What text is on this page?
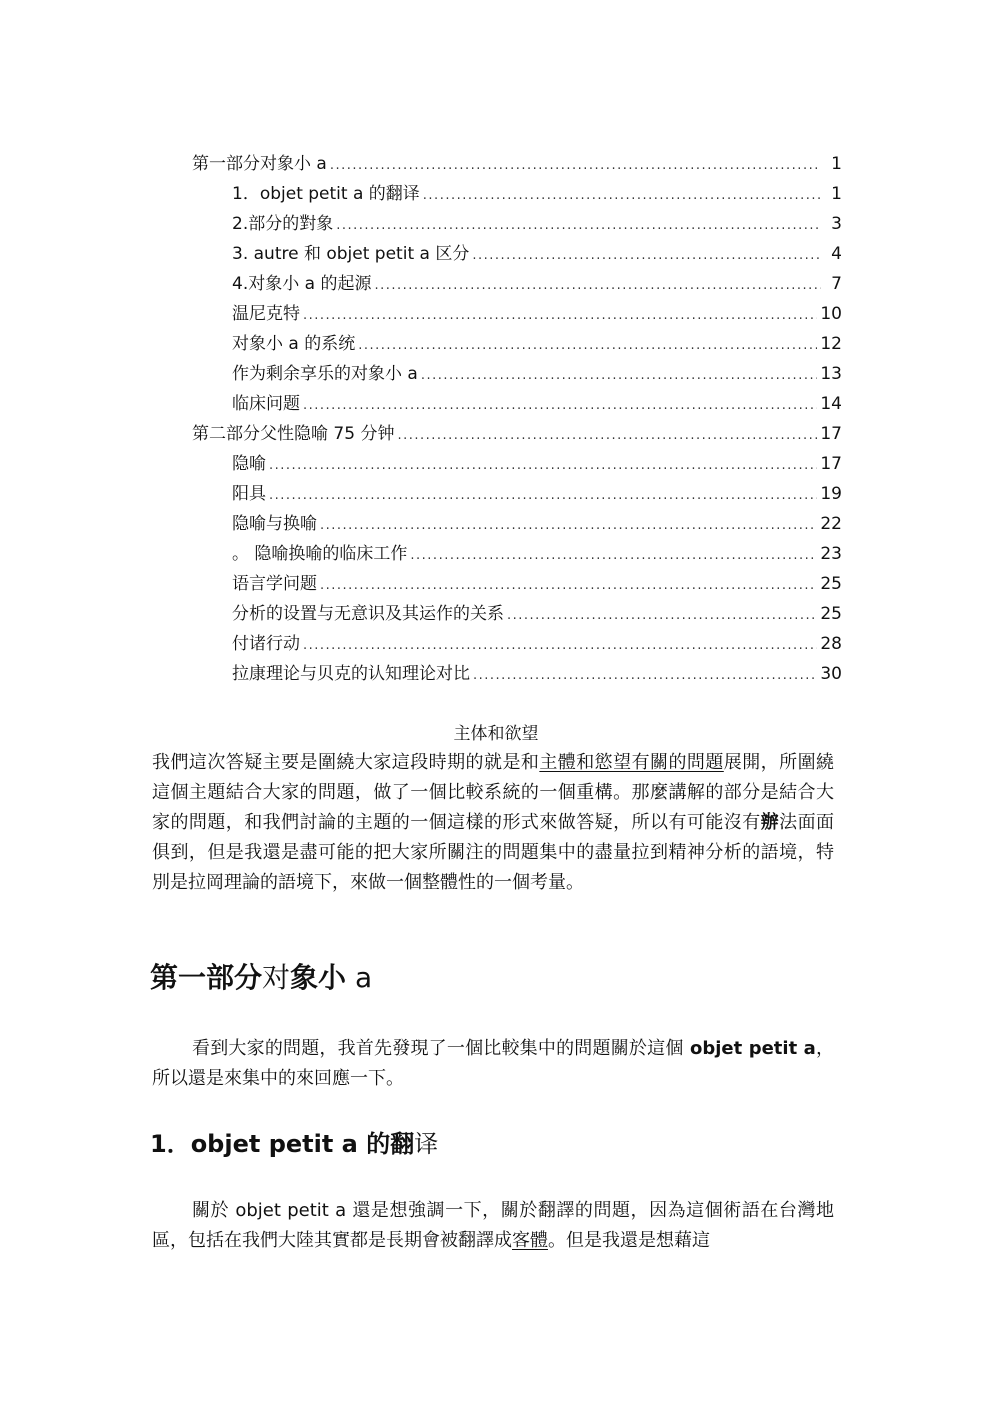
第一部分对象小 a .....	1
1．objet petit a 的翻译 .....	1
2.部分的對象 .....	3
3. autre 和 objet petit a 区分 .....	4
4.对象小 a 的起源 .....	7
温尼克特 .....	10
对象小 a 的系统 .....	12
作为剩余享乐的对象小 a .....	13
临床问题 .....	14
第二部分父性隐喻 75 分钟 .....	17
隐喻 .....	17
阳具 .....	19
隐喻与换喻 .....	22
。 隐喻换喻的临床工作 .....	23
语言学问题 .....	25
分析的设置与无意识及其运作的关系 .....	25
付诸行动 .....	28
拉康理论与贝克的认知理论对比 .....	30
主体和欲望

我們這次答疑主要是圍繞大家這段時期的就是和主體和慾望有關的問題展開，所圍繞這個主題結合大家的問題，做了一個比較系統的一個重構。那麼講解的部分是結合大家的問題，和我們討論的主題的一個這樣的形式來做答疑，所以有可能沒有辦法面面俱到，但是我還是盡可能的把大家所關注的問題集中的盡量拉到精神分析的語境，特別是拉岡理論的語境下，來做一個整體性的一個考量。

第一部分对象小 a

看到大家的問題，我首先發現了一個比較集中的問題關於這個 objet petit a，所以還是來集中的來回應一下。

1．objet petit a 的翻译

關於 objet petit a 還是想強調一下，關於翻譯的問題，因為這個術語在台灣地區，包括在我們大陸其實都是長期會被翻譯成客體。但是我還是想藉這
